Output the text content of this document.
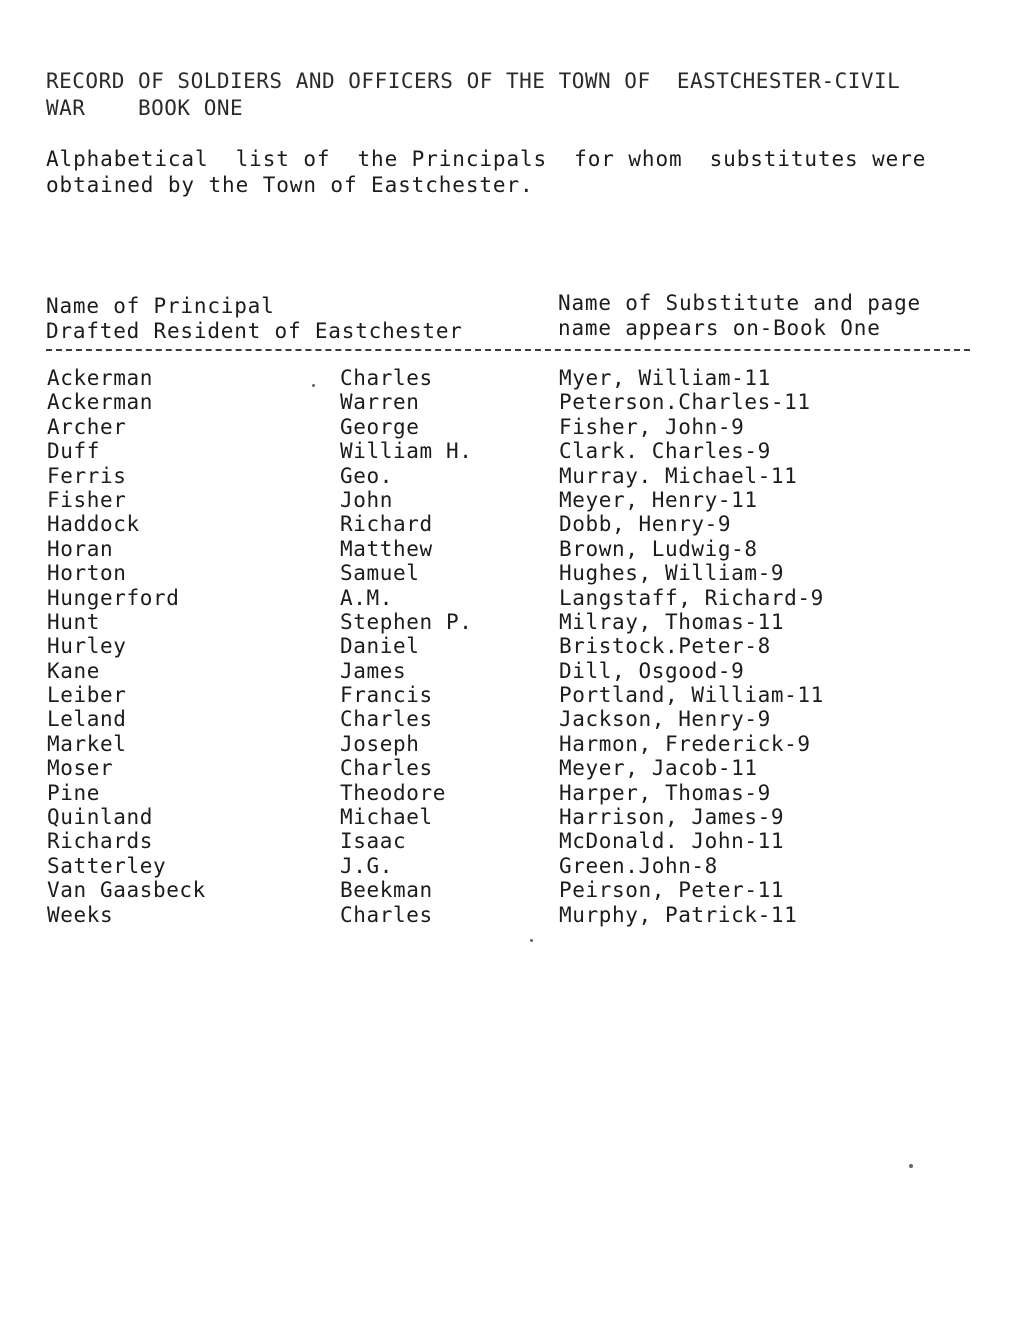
RECORD OF SOLDIERS AND OFFICERS OF THE TOWN OF  EASTCHESTER-CIVIL
WAR    BOOK ONE
Alphabetical  list of  the Principals  for whom  substitutes were
obtained by the Town of Eastchester.
Name of Principal
Drafted Resident of Eastchester
Name of Substitute and page
name appears on-Book One
Ackerman	Charles	Myer, William-11
Ackerman	Warren	Peterson.Charles-11
Archer	George	Fisher, John-9
Duff	William H.	Clark. Charles-9
Ferris	Geo.	Murray. Michael-11
Fisher	John	Meyer, Henry-11
Haddock	Richard	Dobb, Henry-9
Horan	Matthew	Brown, Ludwig-8
Horton	Samuel	Hughes, William-9
Hungerford	A.M.	Langstaff, Richard-9
Hunt	Stephen P.	Milray, Thomas-11
Hurley	Daniel	Bristock.Peter-8
Kane	James	Dill, Osgood-9
Leiber	Francis	Portland, William-11
Leland	Charles	Jackson, Henry-9
Markel	Joseph	Harmon, Frederick-9
Moser	Charles	Meyer, Jacob-11
Pine	Theodore	Harper, Thomas-9
Quinland	Michael	Harrison, James-9
Richards	Isaac	McDonald. John-11
Satterley	J.G.	Green.John-8
Van Gaasbeck	Beekman	Peirson, Peter-11
Weeks	Charles	Murphy, Patrick-11
